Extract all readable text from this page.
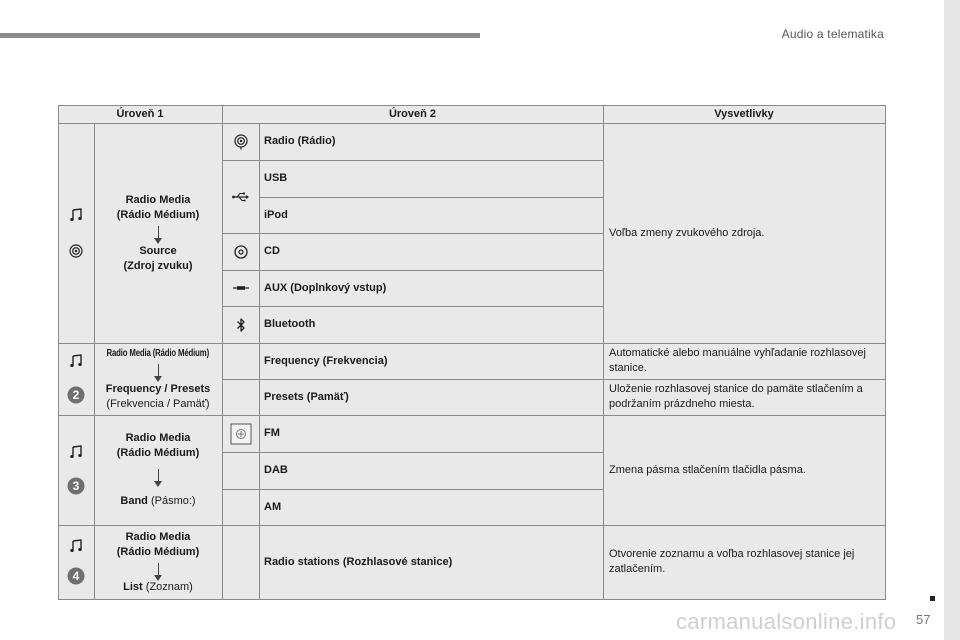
Audio a telematika
Úroveň 1	Úroveň 2	Vysvetlivky
Radio Media
(Rádio Médium)
Source
(Zdroj zvuku)
Radio (Rádio)
USB
iPod
CD
AUX (Doplnkový vstup)
Bluetooth
Voľba zmeny zvukového zdroja.
2
Radio Media (Rádio Médium)
Frequency / Presets
(Frekvencia / Pamäť)
Frequency (Frekvencia)
Automatické alebo manuálne vyhľadanie rozhlasovej stanice.
Presets (Pamäť)
Uloženie rozhlasovej stanice do pamäte stlačením a podržaním prázdneho miesta.
3
Radio Media
(Rádio Médium)
Band (Pásmo:)
FM
DAB
AM
Zmena pásma stlačením tlačidla pásma.
4
Radio Media
(Rádio Médium)
List (Zoznam)
Radio stations (Rozhlasové stanice)
Otvorenie zoznamu a voľba rozhlasovej stanice jej zatlačením.
57
carmanualsonline.info
